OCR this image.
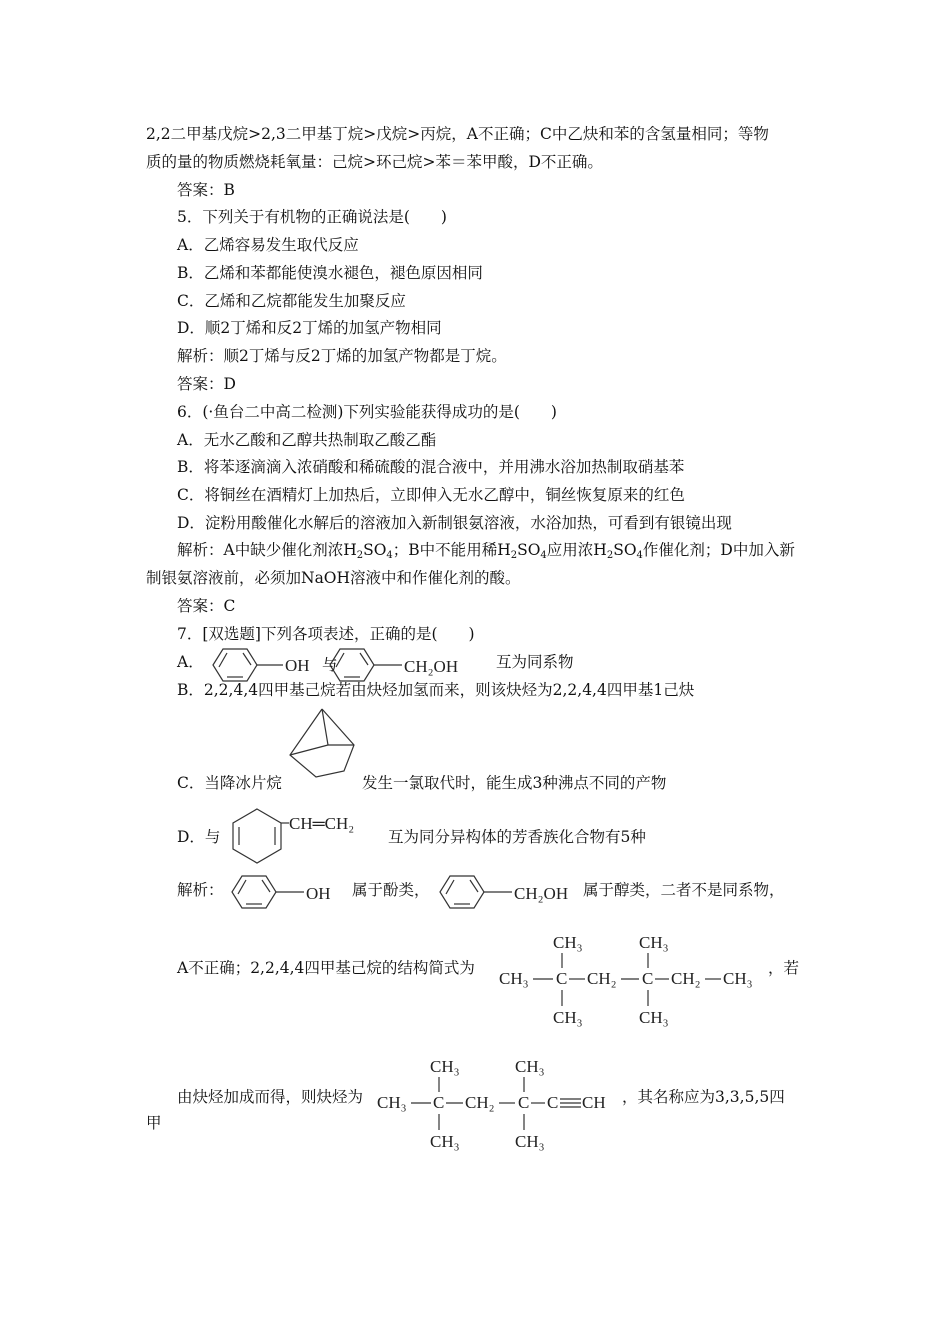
2,2二甲基戊烷>2,3二甲基丁烷>戊烷>丙烷，A不正确；C中乙炔和苯的含氢量相同；等物
质的量的物质燃烧耗氧量：己烷>环己烷>苯＝苯甲酸，D不正确。
答案：B
5．下列关于有机物的正确说法是(　　)
A．乙烯容易发生取代反应
B．乙烯和苯都能使溴水褪色，褪色原因相同
C．乙烯和乙烷都能发生加聚反应
D．顺2丁烯和反2丁烯的加氢产物相同
解析：顺2丁烯与反2丁烯的加氢产物都是丁烷。
答案：D
6．(·鱼台二中高二检测)下列实验能获得成功的是(　　)
A．无水乙酸和乙醇共热制取乙酸乙酯
B．将苯逐滴滴入浓硝酸和稀硫酸的混合液中，并用沸水浴加热制取硝基苯
C．将铜丝在酒精灯上加热后，立即伸入无水乙醇中，铜丝恢复原来的红色
D．淀粉用酸催化水解后的溶液加入新制银氨溶液，水浴加热，可看到有银镜出现
解析：A中缺少催化剂浓$H_2SO_4$；B中不能用稀$H_2SO_4$应用浓$H_2SO_4$作催化剂；D中加入新
制银氨溶液前，必须加NaOH溶液中和作催化剂的酸。
答案：C
7．[双选题]下列各项表述，正确的是(　　)
A．	OH 与	CH₂OH 互为同系物
B．2,2,4,4四甲基己烷若由炔烃加氢而来，则该炔烃为2,2,4,4四甲基1己炔
C．当降冰片烷	发生一氯取代时，能生成3种沸点不同的产物
D．与
CH═CH₂
互为同分异构体的芳香族化合物有5种
解析：	OH 属于酚类，	CH₂OH 属于醇类，二者不是同系物，
A不正确；2,2,4,4四甲基己烷的结构简式为
CH₃	CH₃
CH₃ C CH₂ C CH₂ CH₃
CH₃	CH₃
，若
由炔烃加成而得，则炔烃为
CH₃	CH₃
CH₃ C CH₂ C C CH
CH₃	CH₃
，其名称应为3,3,5,5四
甲
